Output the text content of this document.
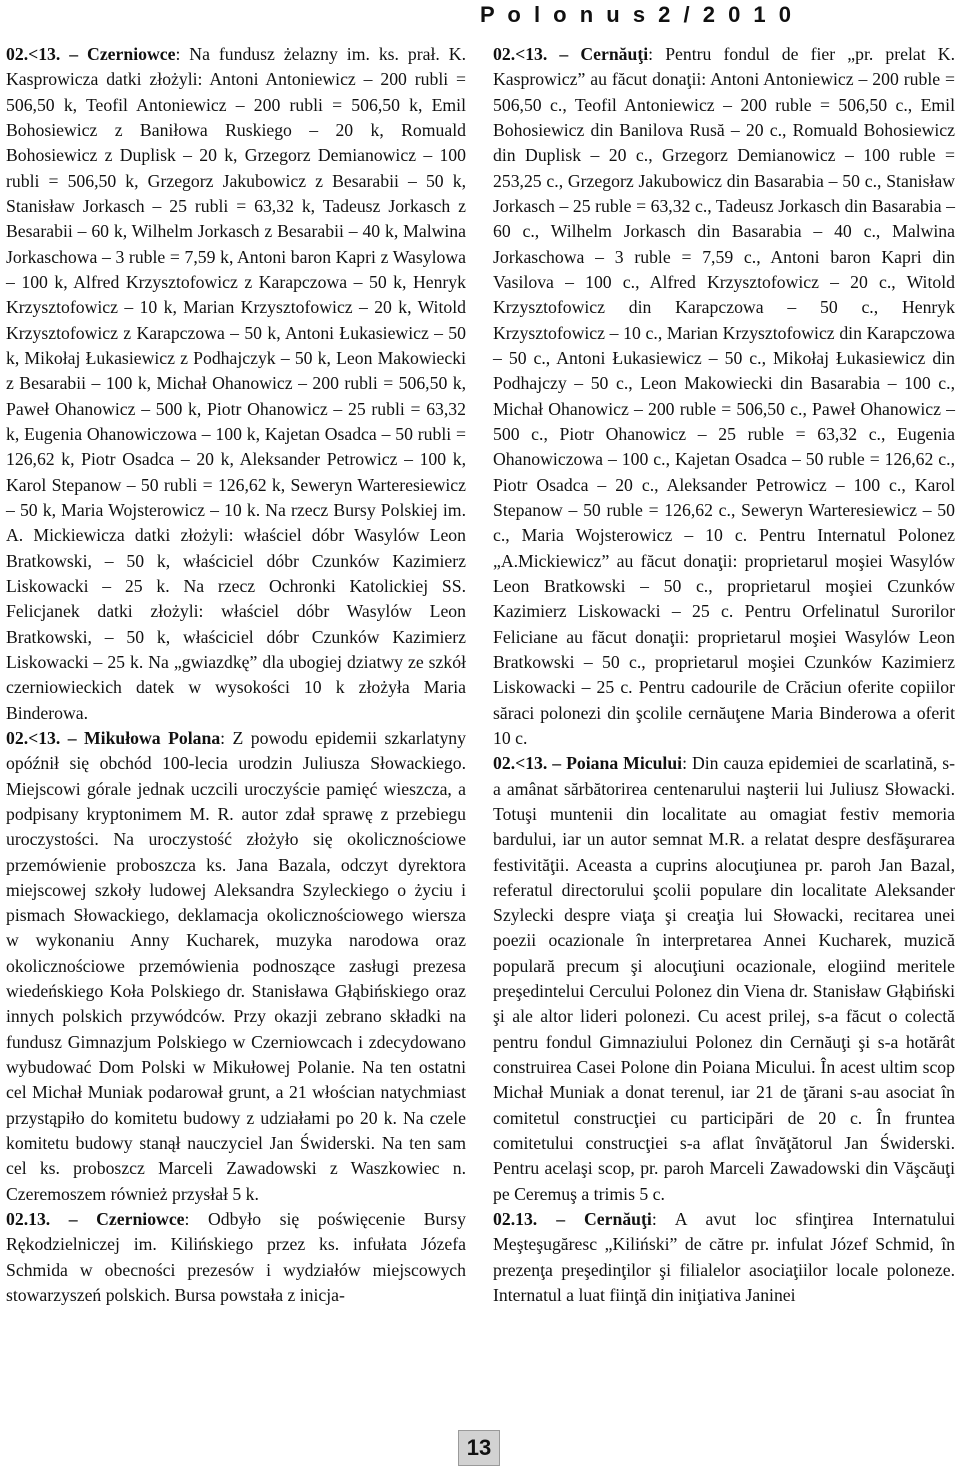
P o l o n u s 2 / 2 0 1 0

02.<13. – Czerniowce: Na fundusz żelazny im. ks. prał. K. Kasprowicza datki złożyli: Antoni Antoniewicz – 200 rubli = 506,50 k, Teofil Antoniewicz – 200 rubli = 506,50 k, Emil Bohosiewicz z Baniłowa Ruskiego – 20 k, Romuald Bohosiewicz z Duplisk – 20 k, Grzegorz Demianowicz – 100 rubli = 506,50 k, Grzegorz Jakubowicz z Besarabii – 50 k, Stanisław Jorkasch – 25 rubli = 63,32 k, Tadeusz Jorkasch z Besarabii – 60 k, Wilhelm Jorkasch z Besarabii – 40 k, Malwina Jorkaschowa – 3 ruble = 7,59 k, Antoni baron Kapri z Wasylowa – 100 k, Alfred Krzysztofowicz z Karapczowa – 50 k, Henryk Krzysztofowicz – 10 k, Marian Krzysztofowicz – 20 k, Witold Krzysztofowicz z Karapczowa – 50 k, Antoni Łukasiewicz – 50 k, Mikołaj Łukasiewicz z Podhajczyk – 50 k, Leon Makowiecki z Besarabii – 100 k, Michał Ohanowicz – 200 rubli = 506,50 k, Paweł Ohanowicz – 500 k, Piotr Ohanowicz – 25 rubli = 63,32 k, Eugenia Ohanowiczowa – 100 k, Kajetan Osadca – 50 rubli = 126,62 k, Piotr Osadca – 20 k, Aleksander Petrowicz – 100 k, Karol Stepanow – 50 rubli = 126,62 k, Seweryn Warteresiewicz – 50 k, Maria Wojsterowicz – 10 k. Na rzecz Bursy Polskiej im. A. Mickiewicza datki złożyli: właściel dóbr Wasylów Leon Bratkowski, – 50 k, właściciel dóbr Czunków Kazimierz Liskowacki – 25 k. Na rzecz Ochronki Katolickiej SS. Felicjanek datki złożyli: właściel dóbr Wasylów Leon Bratkowski, – 50 k, właściciel dóbr Czunków Kazimierz Liskowacki – 25 k. Na „gwiazdkę” dla ubogiej dziatwy ze szkół czerniowieckich datek w wysokości 10 k złożyła Maria Binderowa.

02.<13. – Mikułowa Polana: Z powodu epidemii szkarlatyny opóźnił się obchód 100-lecia urodzin Juliusza Słowackiego. Miejscowi górale jednak uczcili uroczyście pamięć wieszcza, a podpisany kryptonimem M. R. autor zdał sprawę z przebiegu uroczystości. Na uroczystość złożyło się okolicznościowe przemówienie proboszcza ks. Jana Bazala, odczyt dyrektora miejscowej szkoły ludowej Aleksandra Szyleckiego o życiu i pismach Słowackiego, deklamacja okolicznościowego wiersza w wykonaniu Anny Kucharek, muzyka narodowa oraz okolicznościowe przemówienia podnoszące zasługi prezesa wiedeńskiego Koła Polskiego dr. Stanisława Głąbińskiego oraz innych polskich przywódców. Przy okazji zebrano składki na fundusz Gimnazjum Polskiego w Czerniowcach i zdecydowano wybudować Dom Polski w Mikułowej Polanie. Na ten ostatni cel Michał Muniak podarował grunt, a 21 włościan natychmiast przystąpiło do komitetu budowy z udziałami po 20 k. Na czele komitetu budowy stanął nauczyciel Jan Świderski. Na ten sam cel ks. proboszcz Marceli Zawadowski z Waszkowiec n. Czeremoszem również przysłał 5 k.

02.13. – Czerniowce: Odbyło się poświęcenie Bursy Rękodzielniczej im. Kilińskiego przez ks. infułata Józefa Schmida w obecności prezesów i wydziałów miejscowych stowarzyszeń polskich. Bursa powstała z inicja-

02.<13. – Cernăuţi: Pentru fondul de fier „pr. prelat K. Kasprowicz” au făcut donaţii: Antoni Antoniewicz – 200 ruble = 506,50 c., Teofil Antoniewicz – 200 ruble = 506,50 c., Emil Bohosiewicz din Banilova Rusă – 20 c., Romuald Bohosiewicz din Duplisk – 20 c., Grzegorz Demianowicz – 100 ruble = 253,25 c., Grzegorz Jakubowicz din Basarabia – 50 c., Stanisław Jorkasch – 25 ruble = 63,32 c., Tadeusz Jorkasch din Basarabia – 60 c., Wilhelm Jorkasch din Basarabia – 40 c., Malwina Jorkaschowa – 3 ruble = 7,59 c., Antoni baron Kapri din Vasilova – 100 c., Alfred Krzysztofowicz – 20 c., Witold Krzysztofowicz din Karapczowa – 50 c., Henryk Krzysztofowicz – 10 c., Marian Krzysztofowicz din Karapczowa – 50 c., Antoni Łukasiewicz – 50 c., Mikołaj Łukasiewicz din Podhajczy – 50 c., Leon Makowiecki din Basarabia – 100 c., Michał Ohanowicz – 200 ruble = 506,50 c., Paweł Ohanowicz – 500 c., Piotr Ohanowicz – 25 ruble = 63,32 c., Eugenia Ohanowiczowa – 100 c., Kajetan Osadca – 50 ruble = 126,62 c., Piotr Osadca – 20 c., Aleksander Petrowicz – 100 c., Karol Stepanow – 50 ruble = 126,62 c., Seweryn Warteresiewicz – 50 c., Maria Wojsterowicz – 10 c. Pentru Internatul Polonez „A.Mickiewicz” au făcut donaţii: proprietarul moşiei Wasylów Leon Bratkowski – 50 c., proprietarul moşiei Czunków Kazimierz Liskowacki – 25 c. Pentru Orfelinatul Surorilor Feliciane au făcut donaţii: proprietarul moşiei Wasylów Leon Bratkowski – 50 c., proprietarul moşiei Czunków Kazimierz Liskowacki – 25 c. Pentru cadourile de Crăciun oferite copiilor săraci polonezi din şcolile cernăuţene Maria Binderowa a oferit 10 c.

02.<13. – Poiana Micului: Din cauza epidemiei de scarlatină, s-a amânat sărbătorirea centenarului naşterii lui Juliusz Słowacki. Totuşi muntenii din localitate au omagiat festiv memoria bardului, iar un autor semnat M.R. a relatat despre desfăşurarea festivităţii. Aceasta a cuprins alocuţiunea pr. paroh Jan Bazal, referatul directorului şcolii populare din localitate Aleksander Szylecki despre viaţa şi creaţia lui Słowacki, recitarea unei poezii ocazionale în interpretarea Annei Kucharek, muzică populară precum şi alocuţiuni ocazionale, elogiind meritele preşedintelui Cercului Polonez din Viena dr. Stanisław Głąbiński şi ale altor lideri polonezi. Cu acest prilej, s-a făcut o colectă pentru fondul Gimnaziului Polonez din Cernăuţi şi s-a hotărât construirea Casei Polone din Poiana Micului. În acest ultim scop Michał Muniak a donat terenul, iar 21 de ţărani s-au asociat în comitetul construcţiei cu participări de 20 c. În fruntea comitetului construcţiei s-a aflat învăţătorul Jan Świderski. Pentru acelaşi scop, pr. paroh Marceli Zawadowski din Văşcăuţi pe Ceremuş a trimis 5 c.

02.13. – Cernăuţi: A avut loc sfinţirea Internatului Meşteşugăresc „Kiliński” de către pr. infulat Józef Schmid, în prezenţa preşedinţilor şi filialelor asociaţiilor locale poloneze. Internatul a luat fiinţă din iniţiativa Janinei

13
